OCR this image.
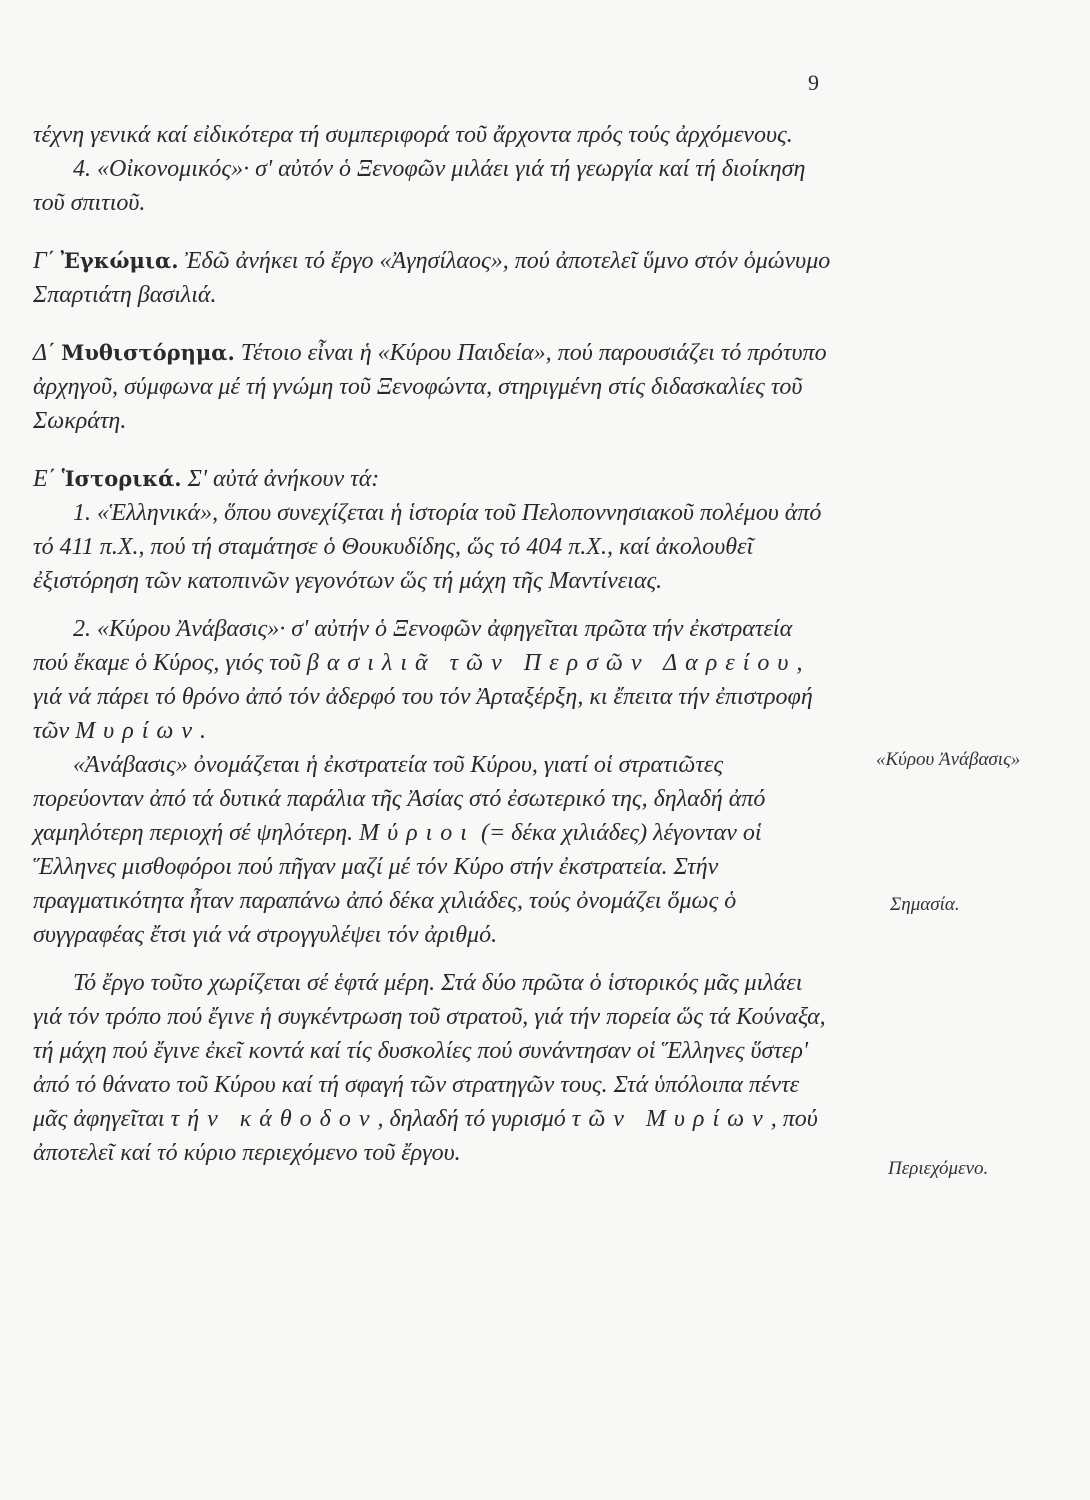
9

τέχνη γενικά καί εἰδικότερα τή συμπεριφορά τοῦ ἄρχοντα πρός τούς ἀρχόμενους.

4. «Οἰκονομικός»· σ' αὐτόν ὁ Ξενοφῶν μιλάει γιά τή γεωργία καί τή διοίκηση τοῦ σπιτιοῦ.

Γ΄ Ἐγκώμια. Ἐδῶ ἀνήκει τό ἔργο «Ἀγησίλαος», πού ἀποτελεῖ ὕμνο στόν ὁμώνυμο Σπαρτιάτη βασιλιά.

Δ΄ Μυθιστόρημα. Τέτοιο εἶναι ἡ «Κύρου Παιδεία», πού παρουσιάζει τό πρότυπο ἀρχηγοῦ, σύμφωνα μέ τή γνώμη τοῦ Ξενοφώντα, στηριγμένη στίς διδασκαλίες τοῦ Σωκράτη.

Ε΄ Ἱστορικά. Σ' αὐτά ἀνήκουν τά:

1. «Ἑλληνικά», ὅπου συνεχίζεται ἡ ἱστορία τοῦ Πελοποννησιακοῦ πολέμου ἀπό τό 411 π.Χ., πού τή σταμάτησε ὁ Θουκυδίδης, ὥς τό 404 π.Χ., καί ἀκολουθεῖ ἐξιστόρηση τῶν κατοπινῶν γεγονότων ὥς τή μάχη τῆς Μαντίνειας.

2. «Κύρου Ἀνάβασις»· σ' αὐτήν ὁ Ξενοφῶν ἀφηγεῖται πρῶτα τήν ἐκστρατεία πού ἔκαμε ὁ Κύρος, γιός τοῦ βασιλιᾶ τῶν Περσῶν Δαρείου, γιά νά πάρει τό θρόνο ἀπό τόν ἀδερφό του τόν Ἀρταξέρξη, κι ἔπειτα τήν ἐπιστροφή τῶν Μυρίων.

«Ἀνάβασις» ὀνομάζεται ἡ ἐκστρατεία τοῦ Κύρου, γιατί οἱ στρατιῶτες πορεύονταν ἀπό τά δυτικά παράλια τῆς Ἀσίας στό ἐσωτερικό της, δηλαδή ἀπό χαμηλότερη περιοχή σέ ψηλότερη. Μύριοι (= δέκα χιλιάδες) λέγονταν οἱ Ἕλληνες μισθοφόροι πού πῆγαν μαζί μέ τόν Κύρο στήν ἐκστρατεία. Στήν πραγματικότητα ἦταν παραπάνω ἀπό δέκα χιλιάδες, τούς ὀνομάζει ὅμως ὁ συγγραφέας ἔτσι γιά νά στρογγυλέψει τόν ἀριθμό.

Τό ἔργο τοῦτο χωρίζεται σέ ἑφτά μέρη. Στά δύο πρῶτα ὁ ἱστορικός μᾶς μιλάει γιά τόν τρόπο πού ἔγινε ἡ συγκέντρωση τοῦ στρατοῦ, γιά τήν πορεία ὥς τά Κούναξα, τή μάχη πού ἔγινε ἐκεῖ κοντά καί τίς δυσκολίες πού συνάντησαν οἱ Ἕλληνες ὕστερ' ἀπό τό θάνατο τοῦ Κύρου καί τή σφαγή τῶν στρατηγῶν τους. Στά ὑπόλοιπα πέντε μᾶς ἀφηγεῖται τήν κάθοδον, δηλαδή τό γυρισμό τῶν Μυρίων, πού ἀποτελεῖ καί τό κύριο περιεχόμενο τοῦ ἔργου.

«Κύρου Ἀνάβασις»
Σημασία.
Περιεχόμενο.
